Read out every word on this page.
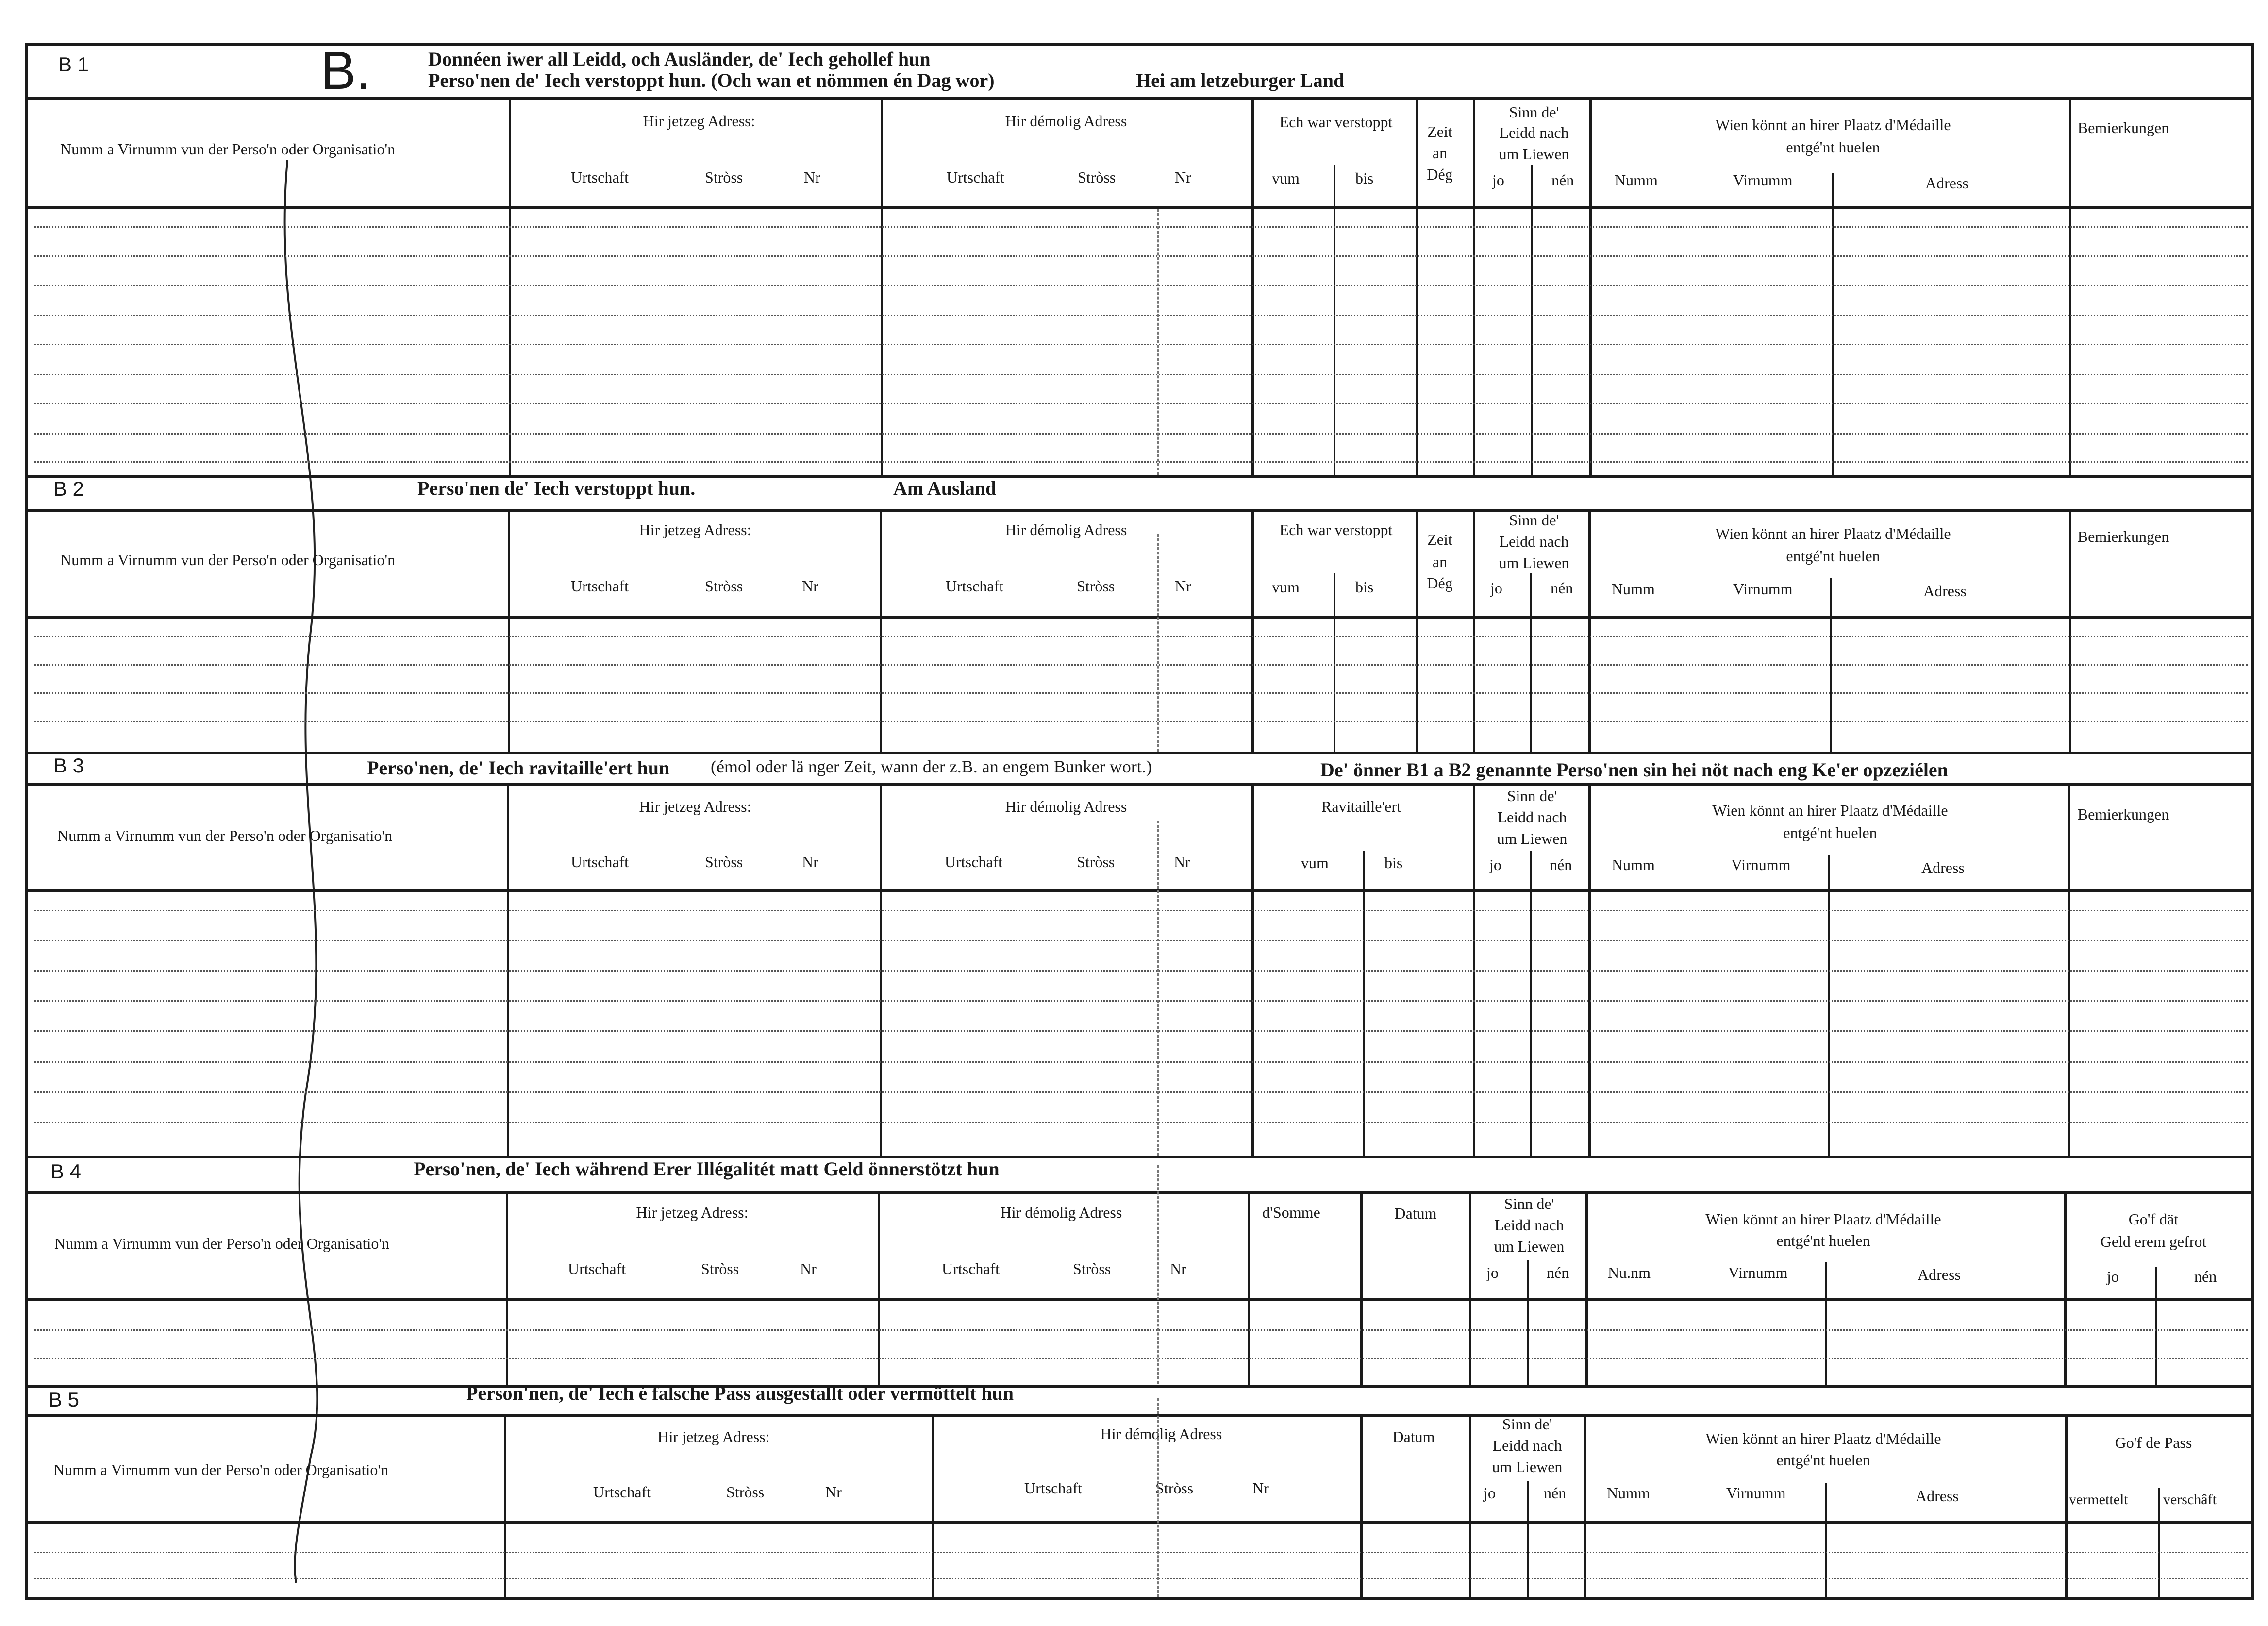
B 1	B.	Donnéen iwer all Leidd, och Ausländer, de' Iech gehollef hun
Perso'nen de' Iech verstoppt hun. (Och wan et nömmen én Dag wor)	Hei am letzeburger Land
Numm a Virnumm vun der Perso'n oder Organisatio'n
Hir jetzeg Adress:
Urtschaft	Stròss	Nr
Hir démolig Adress
Urtschaft	Stròss	Nr
Ech war verstoppt
vum	bis
Zeit
an
Dég
Sinn de'
Leidd nach
um Liewen
jo	nén
Wien könnt an hirer Plaatz d'Médaille
entgé'nt huelen
Numm	Virnumm	Adress
Bemierkungen
B 2	Perso'nen de' Iech verstoppt hun.	Am Ausland
Numm a Virnumm vun der Perso'n oder Organisatio'n
Hir jetzeg Adress:
Urtschaft	Stròss	Nr
Hir démolig Adress
Urtschaft	Stròss	Nr
Ech war verstoppt
vum	bis
Zeit
an
Dég
Sinn de'
Leidd nach
um Liewen
jo	nén
Wien könnt an hirer Plaatz d'Médaille
entgé'nt huelen
Numm	Virnumm	Adress
Bemierkungen
B 3	Perso'nen, de' Iech ravitaille'ert hun (émol oder lä nger Zeit, wann der z.B. an engem Bunker wort.)	De' önner B1 a B2 genannte Perso'nen sin hei nöt nach eng Ke'er opzeziélen
Numm a Virnumm vun der Perso'n oder Organisatio'n
Hir jetzeg Adress:
Urtschaft	Stròss	Nr
Hir démolig Adress
Urtschaft	Stròss	Nr
Ravitaille'ert
vum	bis
Sinn de'
Leidd nach
um Liewen
jo	nén
Wien könnt an hirer Plaatz d'Médaille
entgé'nt huelen
Numm	Virnumm	Adress
Bemierkungen
B 4	Perso'nen, de' Iech während Erer Illégalitét matt Geld önnerstötzt hun
Numm a Virnumm vun der Perso'n oder Organisatio'n
Hir jetzeg Adress:
Urtschaft	Stròss	Nr
Hir démolig Adress
Urtschaft	Stròss	Nr
d'Somme	Datum
Sinn de'
Leidd nach
um Liewen
jo	nén
Wien könnt an hirer Plaatz d'Médaille
entgé'nt huelen
Nu.nm	Virnumm	Adress
Go'f dät
Geld erem gefrot
jo	nén
B 5	Person'nen, de' Iech é falsche Pass ausgestallt oder vermöttelt hun
Numm a Virnumm vun der Perso'n oder Organisatio'n
Hir jetzeg Adress:
Urtschaft	Stròss	Nr
Hir démolig Adress
Urtschaft	Stròss	Nr
Datum
Sinn de'
Leidd nach
um Liewen
jo	nén
Wien könnt an hirer Plaatz d'Médaille
entgé'nt huelen
Numm	Virnumm	Adress
Go'f de Pass
vermettelt verschâft
